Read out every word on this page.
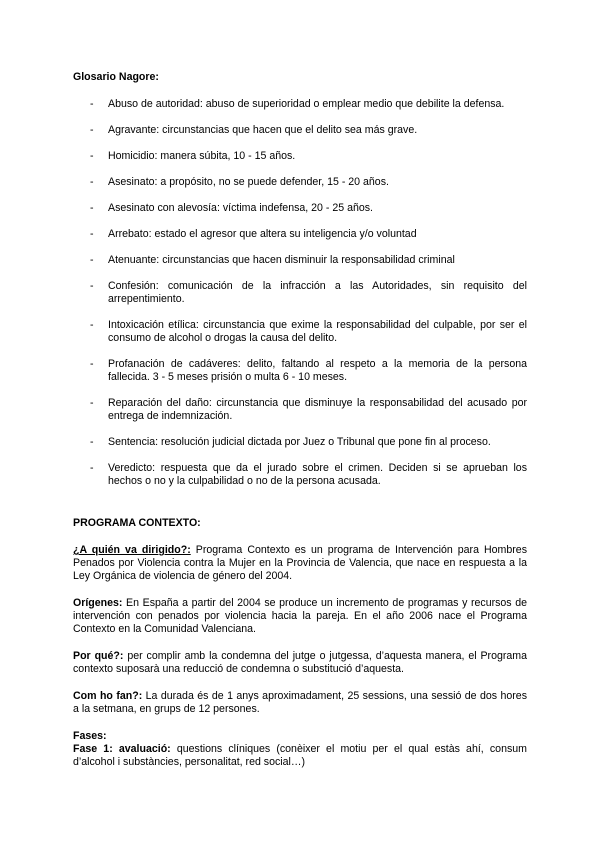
Glosario Nagore:
- Abuso de autoridad: abuso de superioridad o emplear medio que debilite la defensa.
- Agravante: circunstancias que hacen que el delito sea más grave.
- Homicidio: manera súbita, 10 - 15 años.
- Asesinato: a propósito, no se puede defender, 15 - 20 años.
- Asesinato con alevosía: víctima indefensa, 20 - 25 años.
- Arrebato: estado el agresor que altera su inteligencia y/o voluntad
- Atenuante: circunstancias que hacen disminuir la responsabilidad criminal
- Confesión: comunicación de la infracción a las Autoridades, sin requisito del arrepentimiento.
- Intoxicación etílica: circunstancia que exime la responsabilidad del culpable, por ser el consumo de alcohol o drogas la causa del delito.
- Profanación de cadáveres: delito, faltando al respeto a la memoria de la persona fallecida. 3 - 5 meses prisión o multa 6 - 10 meses.
- Reparación del daño: circunstancia que disminuye la responsabilidad del acusado por entrega de indemnización.
- Sentencia: resolución judicial dictada por Juez o Tribunal que pone fin al proceso.
- Veredicto: respuesta que da el jurado sobre el crimen. Deciden si se aprueban los hechos o no y la culpabilidad o no de la persona acusada.
PROGRAMA CONTEXTO:

¿A quién va dirigido?: Programa Contexto es un programa de Intervención para Hombres Penados por Violencia contra la Mujer en la Provincia de Valencia, que nace en respuesta a la Ley Orgánica de violencia de género del 2004.

Orígenes: En España a partir del 2004 se produce un incremento de programas y recursos de intervención con penados por violencia hacia la pareja. En el año 2006 nace el Programa Contexto en la Comunidad Valenciana.

Por qué?: per complir amb la condemna del jutge o jutgessa, d’aquesta manera, el Programa contexto suposarà una reducció de condemna o substitució d’aquesta.

Com ho fan?: La durada és de 1 anys aproximadament, 25 sessions, una sessió de dos hores a la setmana, en grups de 12 persones.

Fases:

Fase 1: avaluació: questions clíniques (conèixer el motiu per el qual estàs ahí, consum d’alcohol i substàncies, personalitat, red social…)
